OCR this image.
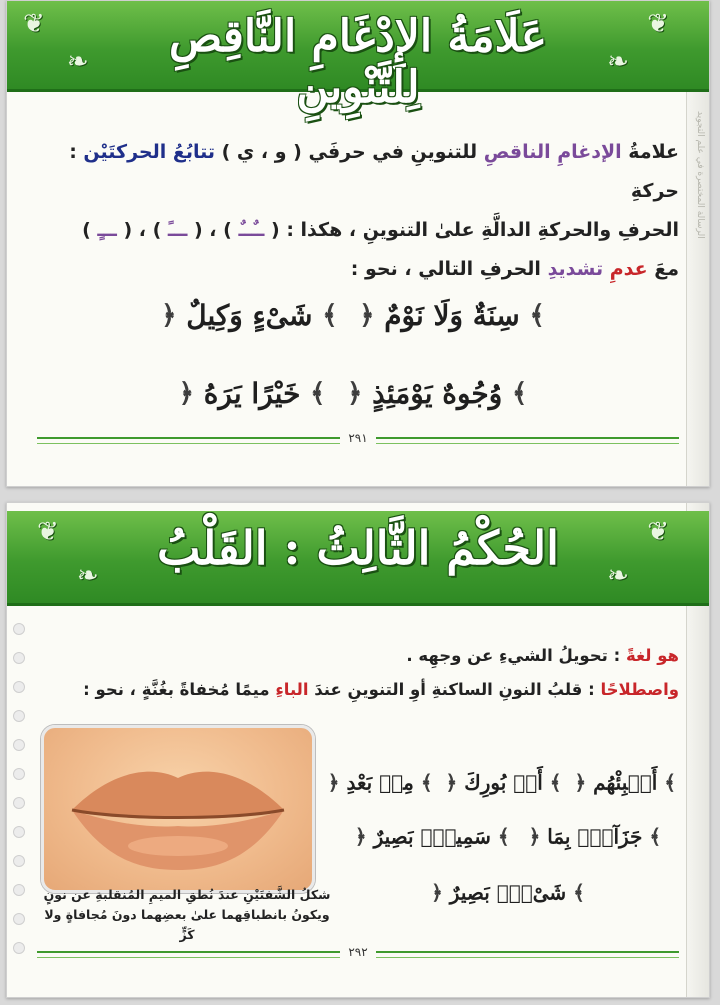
الرسالة المختصرة في علم التجويد
❦
❧
❦
❧
عَلَامَةُ الإِدْغَامِ النَّاقِصِ لِلتَّنْوِينِ
علامةُ الإدغامِ الناقصِ للتنوينِ في حرفَي ( و ، ي ) تتابُعُ الحركتَيْن : حركةِ
الحرفِ والحركةِ الدالَّةِ علىٰ التنوينِ ، هكذا : ( ــٌــٌ ) ، ( ـــً ) ، ( ـــٍ )
معَ عدمِ تشديدِ الحرفِ التالي ، نحو :
﴾ سِنَةٌ وَلَا نَوْمٌ ﴿ ﴾ شَىْءٍ وَكِيلٌ ﴿
﴾ وُجُوهٌ يَوْمَئِذٍ ﴿ ﴾ خَيْرًا يَرَهُ ﴿
٢٩١
❦
❧
❦
❧
الحُكْمُ الثَّالِثُ : القَلْبُ
هو لغةً : تحويلُ الشيءِ عن وجهِه .
واصطلاحًا : قلبُ النونِ الساكنةِ أوِ التنوينِ عندَ الباءِ ميمًا مُخفاةً بغُنَّةٍ ، نحو :
شكلُ الشَّفتَيْنِ عندَ نُطقِ الميمِ المُنقلبةِ عن نونٍ
ويكونُ بانطباقِهما علىٰ بعضِهما دونَ مُجافاةٍ ولا كَزٍّ
﴾ أَنۢبِئْهُم ﴿ ﴾ أَنۢ بُورِكَ ﴿ ﴾ مِنۢ بَعْدِ ﴿
﴾ جَزَآءًۢ بِمَا ﴿ ﴾ سَمِيعٌۢ بَصِيرٌ ﴿
﴾ شَىْءٍۭ بَصِيرٌ ﴿
٢٩٢
